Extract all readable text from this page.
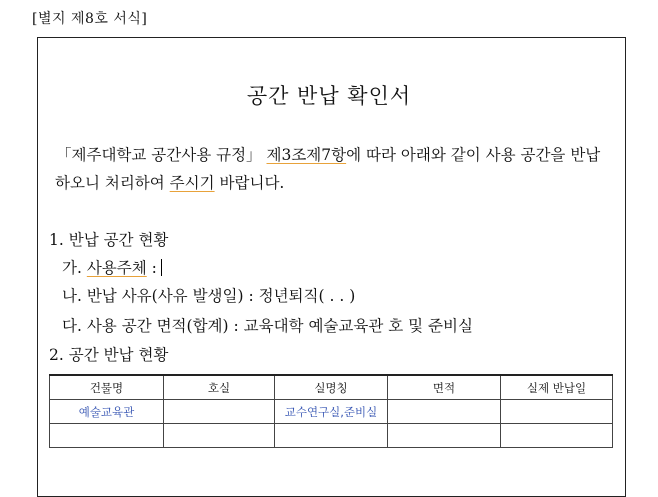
[별지 제8호 서식]
공간 반납 확인서
「제주대학교 공간사용 규정」 제3조제7항에 따라 아래와 같이 사용 공간을 반납
하오니 처리하여 주시기 바랍니다.
1. 반납 공간 현황
가. 사용주체 :
나. 반납 사유(사유 발생일) : 정년퇴직( . . )
다. 사용 공간 면적(합계) : 교육대학 예술교육관 호 및 준비실
2. 공간 반납 현황
건물명	호실	실명칭	면적	실제 반납일
예술교육관		교수연구실,준비실		
